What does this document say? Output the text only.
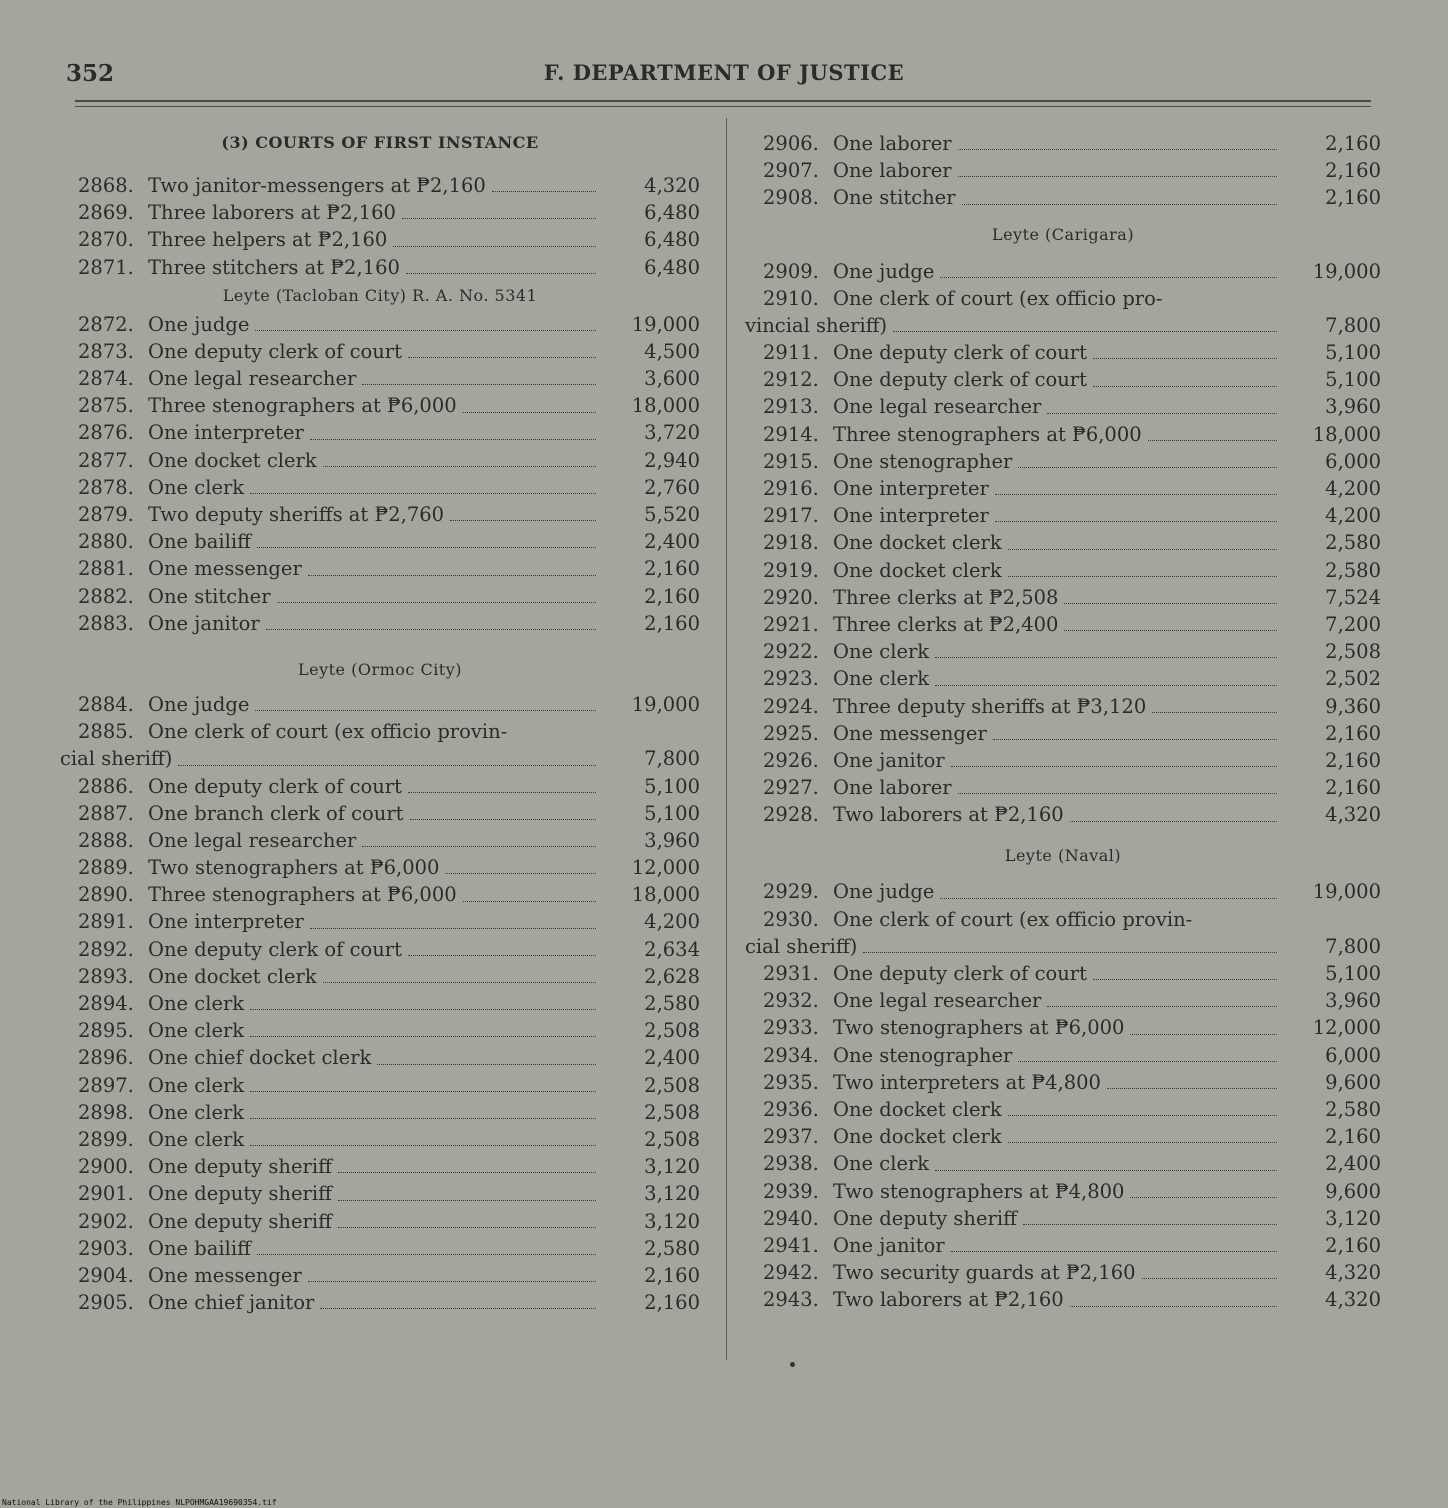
352	F. DEPARTMENT OF JUSTICE
(3) COURTS OF FIRST INSTANCE
2868. Two janitor-messengers at ₱2,160	4,320
2869. Three laborers at ₱2,160	6,480
2870. Three helpers at ₱2,160	6,480
2871. Three stitchers at ₱2,160	6,480
Leyte (Tacloban City) R. A. No. 5341
2872. One judge	19,000
2873. One deputy clerk of court	4,500
2874. One legal researcher	3,600
2875. Three stenographers at ₱6,000	18,000
2876. One interpreter	3,720
2877. One docket clerk	2,940
2878. One clerk	2,760
2879. Two deputy sheriffs at ₱2,760	5,520
2880. One bailiff	2,400
2881. One messenger	2,160
2882. One stitcher	2,160
2883. One janitor	2,160
Leyte (Ormoc City)
2884. One judge	19,000
2885. One clerk of court (ex officio provin-
cial sheriff)	7,800
2886. One deputy clerk of court	5,100
2887. One branch clerk of court	5,100
2888. One legal researcher	3,960
2889. Two stenographers at ₱6,000	12,000
2890. Three stenographers at ₱6,000	18,000
2891. One interpreter	4,200
2892. One deputy clerk of court	2,634
2893. One docket clerk	2,628
2894. One clerk	2,580
2895. One clerk	2,508
2896. One chief docket clerk	2,400
2897. One clerk	2,508
2898. One clerk	2,508
2899. One clerk	2,508
2900. One deputy sheriff	3,120
2901. One deputy sheriff	3,120
2902. One deputy sheriff	3,120
2903. One bailiff	2,580
2904. One messenger	2,160
2905. One chief janitor	2,160
2906. One laborer	2,160
2907. One laborer	2,160
2908. One stitcher	2,160
Leyte (Carigara)
2909. One judge	19,000
2910. One clerk of court (ex officio pro-
vincial sheriff)	7,800
2911. One deputy clerk of court	5,100
2912. One deputy clerk of court	5,100
2913. One legal researcher	3,960
2914. Three stenographers at ₱6,000	18,000
2915. One stenographer	6,000
2916. One interpreter	4,200
2917. One interpreter	4,200
2918. One docket clerk	2,580
2919. One docket clerk	2,580
2920. Three clerks at ₱2,508	7,524
2921. Three clerks at ₱2,400	7,200
2922. One clerk	2,508
2923. One clerk	2,502
2924. Three deputy sheriffs at ₱3,120	9,360
2925. One messenger	2,160
2926. One janitor	2,160
2927. One laborer	2,160
2928. Two laborers at ₱2,160	4,320
Leyte (Naval)
2929. One judge	19,000
2930. One clerk of court (ex officio provin-
cial sheriff)	7,800
2931. One deputy clerk of court	5,100
2932. One legal researcher	3,960
2933. Two stenographers at ₱6,000	12,000
2934. One stenographer	6,000
2935. Two interpreters at ₱4,800	9,600
2936. One docket clerk	2,580
2937. One docket clerk	2,160
2938. One clerk	2,400
2939. Two stenographers at ₱4,800	9,600
2940. One deputy sheriff	3,120
2941. One janitor	2,160
2942. Two security guards at ₱2,160	4,320
2943. Two laborers at ₱2,160	4,320
National Library of the Philippines NLPOHMGAA19690354.tif
